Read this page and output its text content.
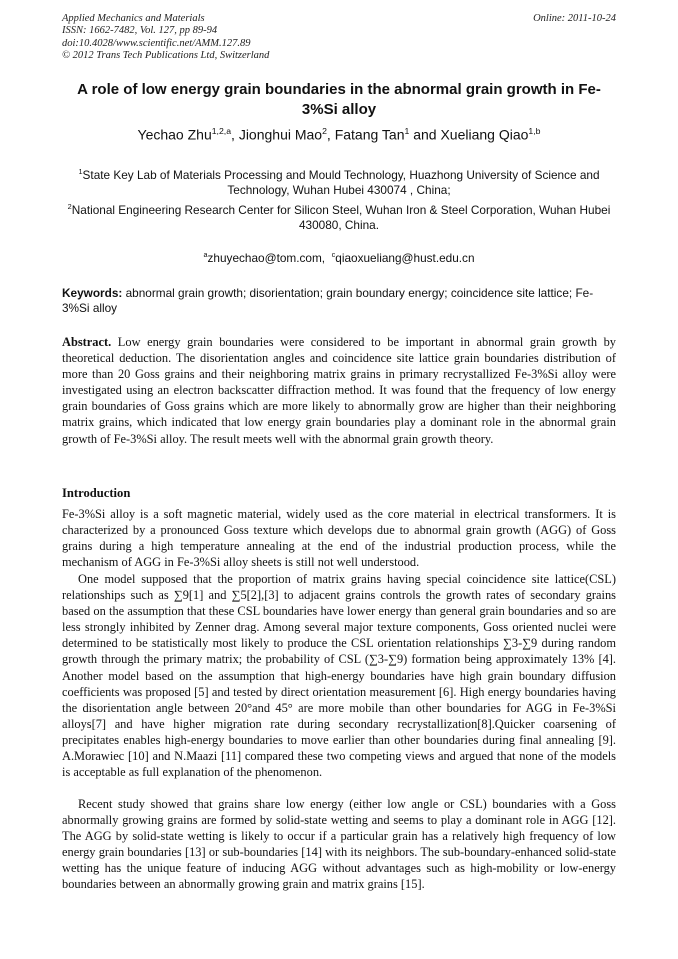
Applied Mechanics and Materials
ISSN: 1662-7482, Vol. 127, pp 89-94
doi:10.4028/www.scientific.net/AMM.127.89
© 2012 Trans Tech Publications Ltd, Switzerland
Online: 2011-10-24
A role of low energy grain boundaries in the abnormal grain growth in Fe-3%Si alloy
Yechao Zhu$^{1,2,a}$, Jionghui Mao$^2$, Fatang Tan$^1$ and Xueliang Qiao$^{1,b}$
$^1$State Key Lab of Materials Processing and Mould Technology, Huazhong University of Science and Technology, Wuhan Hubei 430074 , China;
$^2$National Engineering Research Center for Silicon Steel, Wuhan Iron & Steel Corporation, Wuhan Hubei 430080, China.
$^a$zhuyechao@tom.com, $^c$qiaoxueliang@hust.edu.cn
Keywords: abnormal grain growth; disorientation; grain boundary energy; coincidence site lattice; Fe-3%Si alloy

Abstract. Low energy grain boundaries were considered to be important in abnormal grain growth by theoretical deduction. The disorientation angles and coincidence site lattice grain boundaries distribution of more than 20 Goss grains and their neighboring matrix grains in primary recrystallized Fe-3%Si alloy were investigated using an electron backscatter diffraction method. It was found that the frequency of low energy grain boundaries of Goss grains which are more likely to abnormally grow are higher than their neighboring matrix grains, which indicated that low energy grain boundaries play a dominant role in the abnormal grain growth of Fe-3%Si alloy. The result meets well with the abnormal grain growth theory.

Introduction

Fe-3%Si alloy is a soft magnetic material, widely used as the core material in electrical transformers. It is characterized by a pronounced Goss texture which develops due to abnormal grain growth (AGG) of Goss grains during a high temperature annealing at the end of the industrial production process, while the mechanism of AGG in Fe-3%Si alloy sheets is still not well understood.

One model supposed that the proportion of matrix grains having special coincidence site lattice(CSL) relationships such as ∑9[1] and ∑5[2],[3] to adjacent grains controls the growth rates of secondary grains based on the assumption that these CSL boundaries have lower energy than general grain boundaries and so are less strongly inhibited by Zenner drag. Among several major texture components, Goss oriented nuclei were determined to be statistically most likely to produce the CSL orientation relationships ∑3-∑9 during random growth through the primary matrix; the probability of CSL (∑3-∑9) formation being approximately 13% [4]. Another model based on the assumption that high-energy boundaries have high grain boundary diffusion coefficients was proposed [5] and tested by direct orientation measurement [6]. High energy boundaries having the disorientation angle between 20°and 45° are more mobile than other boundaries for AGG in Fe-3%Si alloys[7] and have higher migration rate during secondary recrystallization[8].Quicker coarsening of precipitates enables high-energy boundaries to move earlier than other boundaries during final annealing [9]. A.Morawiec [10] and N.Maazi [11] compared these two competing views and argued that none of the models is acceptable as full explanation of the phenomenon.

Recent study showed that grains share low energy (either low angle or CSL) boundaries with a Goss abnormally growing grains are formed by solid-state wetting and seems to play a dominant role in AGG [12]. The AGG by solid-state wetting is likely to occur if a particular grain has a relatively high frequency of low energy grain boundaries [13] or sub-boundaries [14] with its neighbors. The sub-boundary-enhanced solid-state wetting has the unique feature of inducing AGG without advantages such as high-mobility or low-energy boundaries between an abnormally growing grain and matrix grains [15].
